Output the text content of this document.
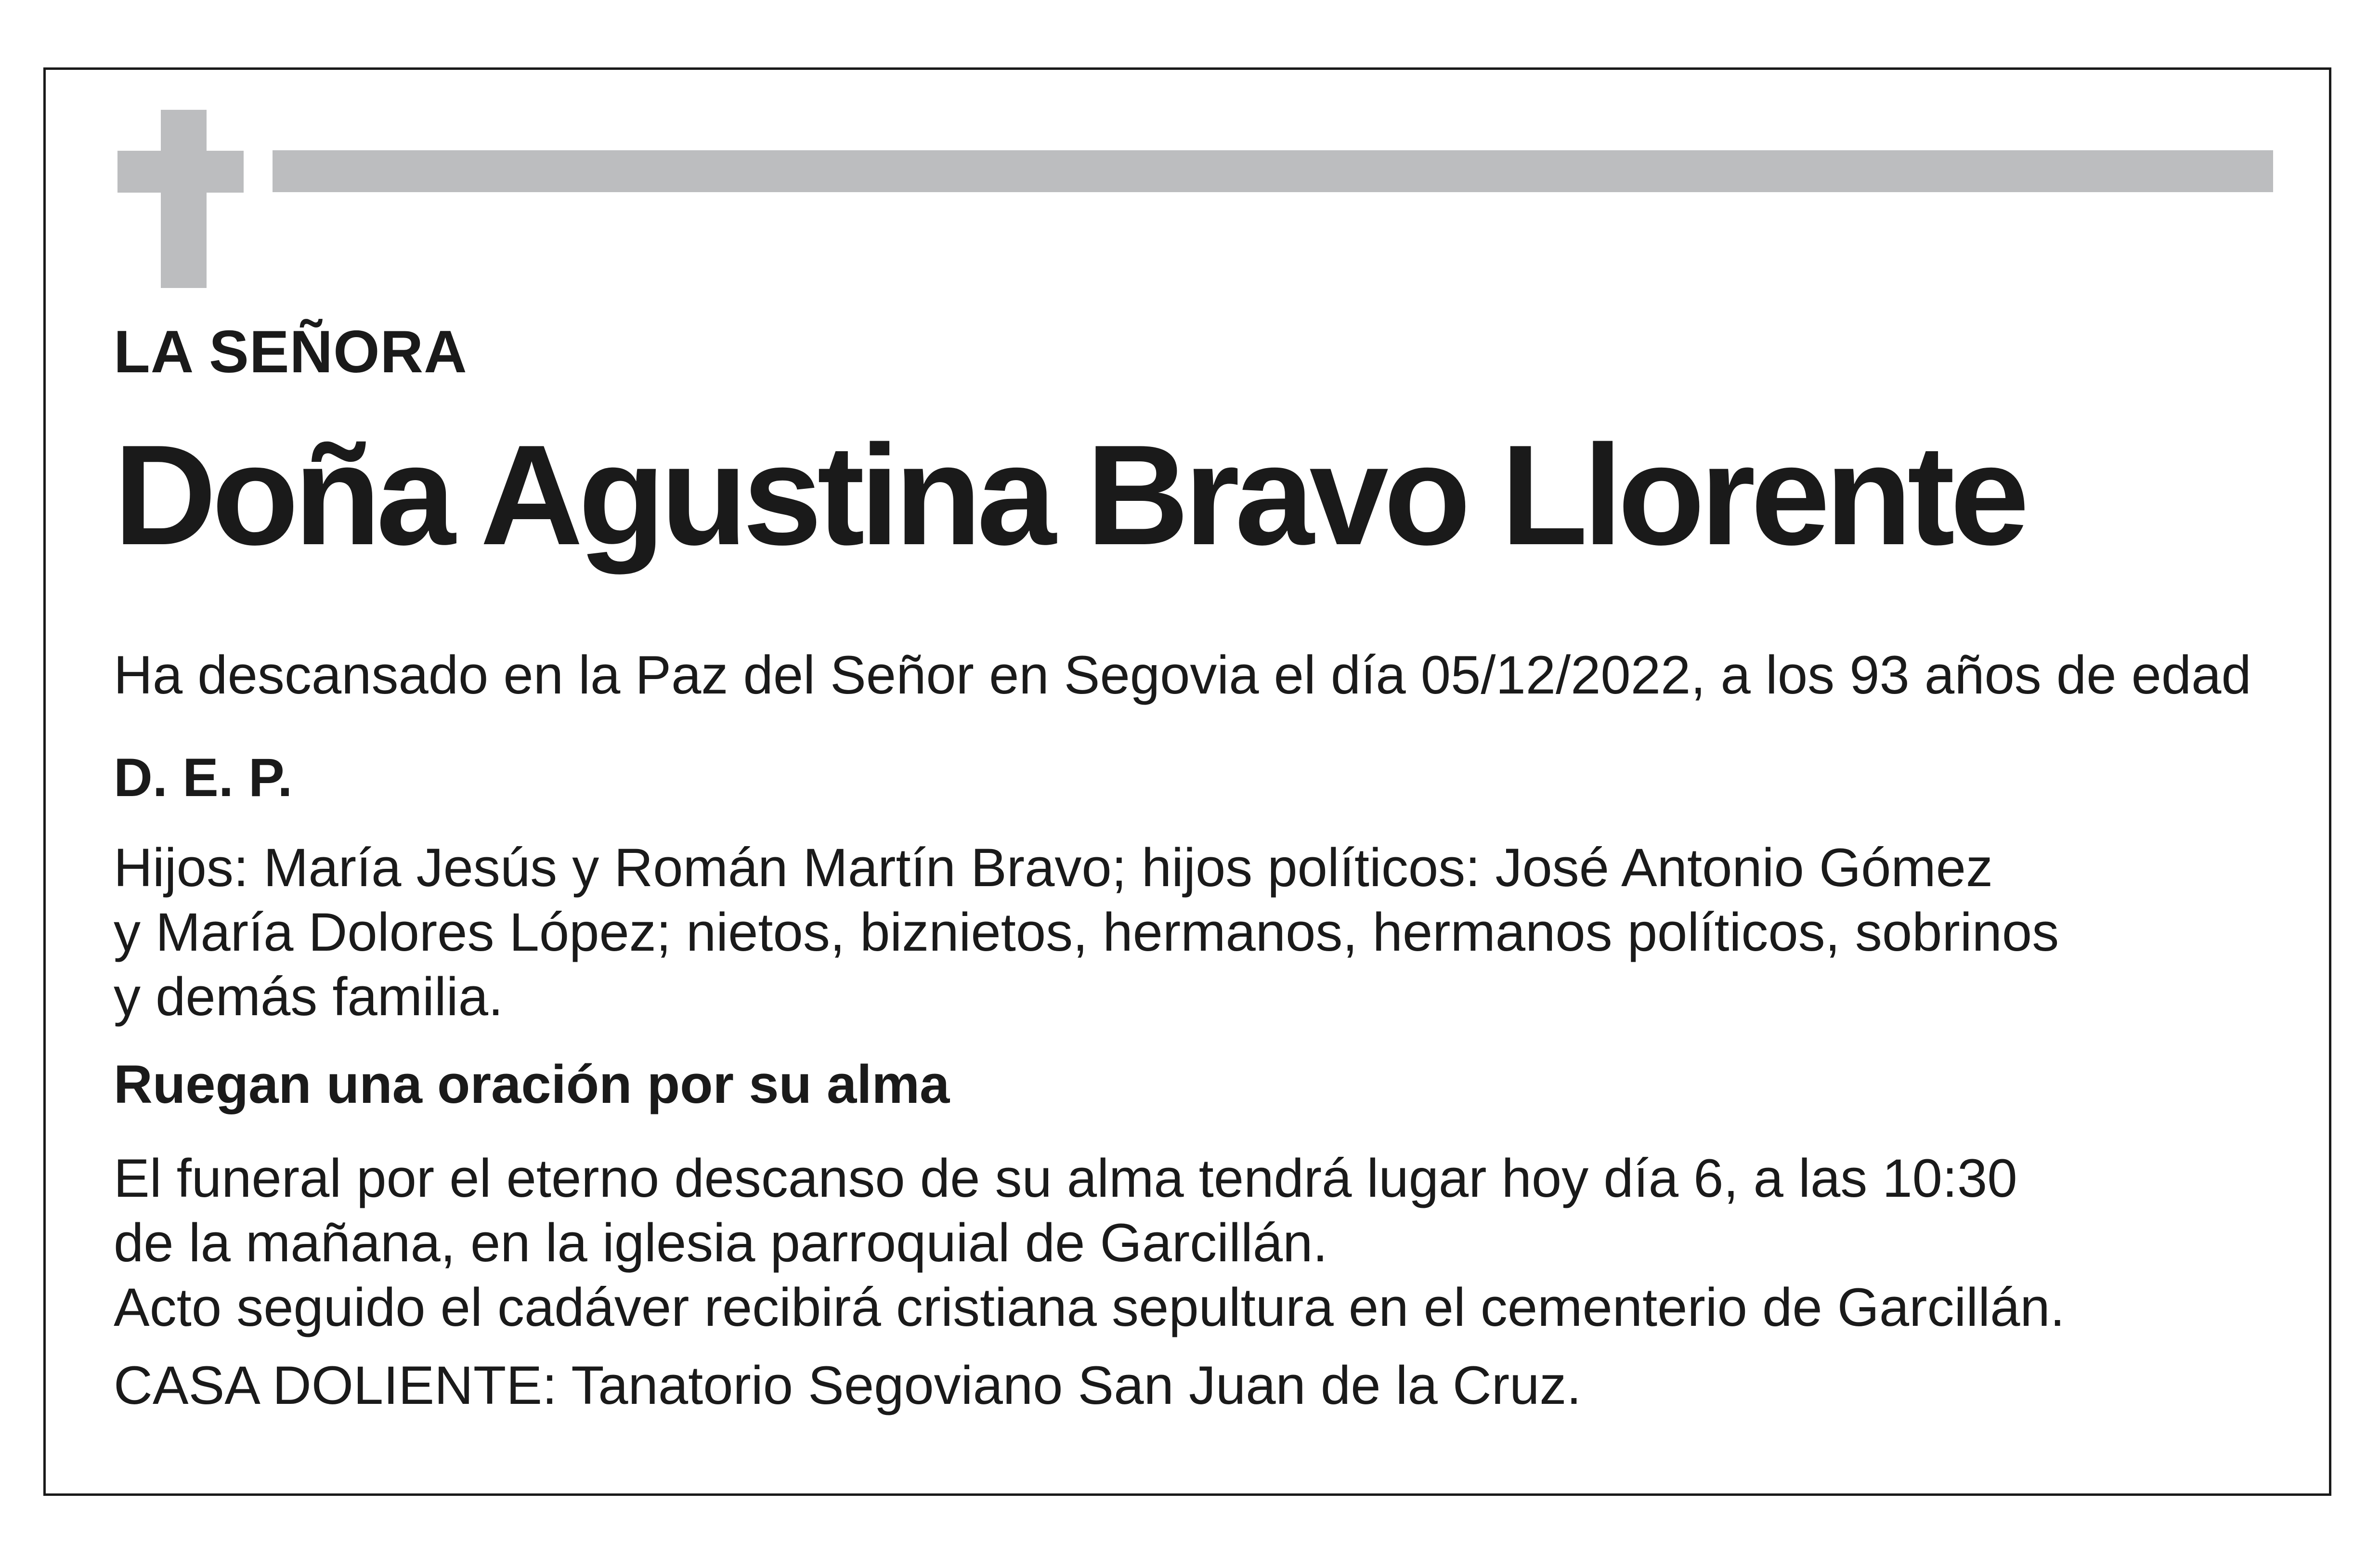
LA SEÑORA

Doña Agustina Bravo Llorente

Ha descansado en la Paz del Señor en Segovia el día 05/12/2022, a los 93 años de edad

D. E. P.

Hijos: María Jesús y Román Martín Bravo; hijos políticos: José Antonio Gómez
y María Dolores López; nietos, biznietos, hermanos, hermanos políticos, sobrinos
y demás familia.

Ruegan una oración por su alma

El funeral por el eterno descanso de su alma tendrá lugar hoy día 6, a las 10:30
de la mañana, en la iglesia parroquial de Garcillán.
Acto seguido el cadáver recibirá cristiana sepultura en el cementerio de Garcillán.

CASA DOLIENTE: Tanatorio Segoviano San Juan de la Cruz.
